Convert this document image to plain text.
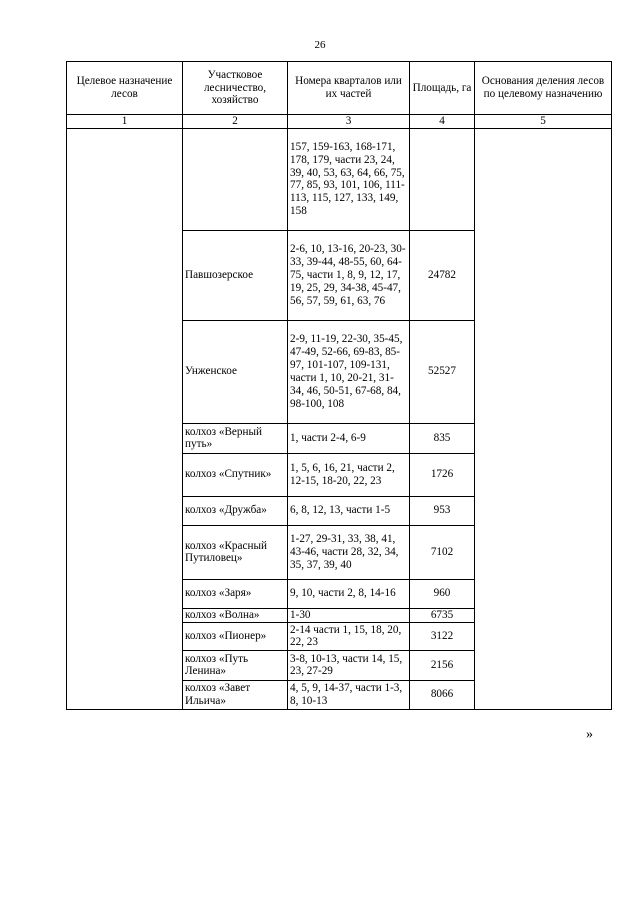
26
Целевое назначение лесов	Участковое лесничество, хозяйство	Номера кварталов или их частей	Площадь, га	Основания деления лесов по целевому назначению
1	2	3	4	5
		157, 159-163, 168-171, 178, 179, части 23, 24, 39, 40, 53, 63, 64, 66, 75, 77, 85, 93, 101, 106, 111-113, 115, 127, 133, 149, 158		
	Павшозерское	2-6, 10, 13-16, 20-23, 30-33, 39-44, 48-55, 60, 64-75, части 1, 8, 9, 12, 17, 19, 25, 29, 34-38, 45-47, 56, 57, 59, 61, 63, 76	24782	
	Унженское	2-9, 11-19, 22-30, 35-45, 47-49, 52-66, 69-83, 85-97, 101-107, 109-131, части 1, 10, 20-21, 31-34, 46, 50-51, 67-68, 84, 98-100, 108	52527	
	колхоз «Верный путь»	1, части 2-4, 6-9	835	
	колхоз «Спутник»	1, 5, 6, 16, 21, части 2, 12-15, 18-20, 22, 23	1726	
	колхоз «Дружба»	6, 8, 12, 13, части 1-5	953	
	колхоз «Красный Путиловец»	1-27, 29-31, 33, 38, 41, 43-46, части 28, 32, 34, 35, 37, 39, 40	7102	
	колхоз «Заря»	9, 10, части 2, 8, 14-16	960	
	колхоз «Волна»	1-30	6735	
	колхоз «Пионер»	2-14 части 1, 15, 18, 20, 22, 23	3122	
	колхоз «Путь Ленина»	3-8, 10-13, части 14, 15, 23, 27-29	2156	
	колхоз «Завет Ильича»	4, 5, 9, 14-37, части 1-3, 8, 10-13	8066	
»
